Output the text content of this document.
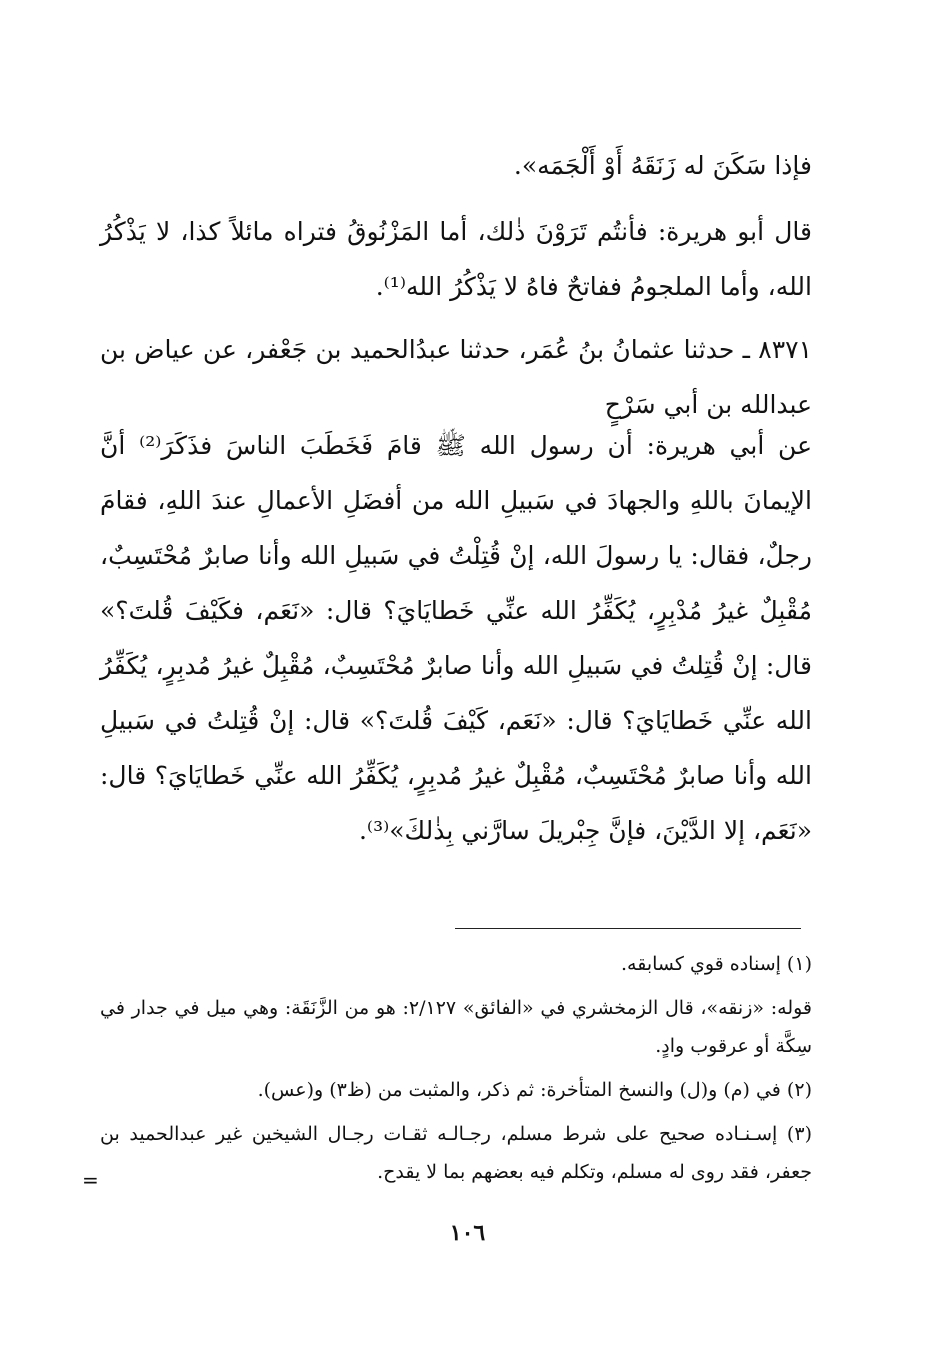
فإذا سَكَنَ له زَنَقَهُ أَوْ أَلْجَمَه».

قال أبو هريرة: فأنتُم تَرَوْنَ ذٰلك، أما المَزْنُوقُ فتراه مائلاً كذا، لا يَذْكُرُ الله، وأما الملجومُ ففاتحٌ فاهُ لا يَذْكُرُ الله⁽¹⁾.

٨٣٧١ ـ حدثنا عثمانُ بنُ عُمَر، حدثنا عبدُالحميد بن جَعْفر، عن عياض بن عبدالله بن أبي سَرْحٍ

عن أبي هريرة: أن رسول الله ﷺ قامَ فَخَطَبَ الناسَ فذَكَرَ⁽²⁾ أنَّ الإيمانَ باللهِ والجهادَ في سَبيلِ الله من أفضَلِ الأعمالِ عندَ اللهِ، فقامَ رجلٌ، فقال: يا رسولَ الله، إنْ قُتِلْتُ في سَبيلِ الله وأنا صابرٌ مُحْتَسِبٌ، مُقْبِلٌ غيرُ مُدْبِرٍ، يُكَفِّرُ الله عنِّي خَطايَايَ؟ قال: «نَعَم، فكَيْفَ قُلتَ؟» قال: إنْ قُتِلتُ في سَبيلِ الله وأنا صابرٌ مُحْتَسِبٌ، مُقْبِلٌ غيرُ مُدبِرٍ، يُكَفِّرُ الله عنِّي خَطايَايَ؟ قال: «نَعَم، كَيْفَ قُلتَ؟» قال: إنْ قُتِلتُ في سَبيلِ الله وأنا صابرٌ مُحْتَسِبٌ، مُقْبِلٌ غيرُ مُدبِرٍ، يُكَفِّرُ الله عنِّي خَطايَايَ؟ قال: «نَعَم، إلا الدَّيْنَ، فإنَّ جِبْريلَ سارَّني بِذٰلكَ»⁽³⁾.

(١) إسناده قوي كسابقه.

قوله: «زنقه»، قال الزمخشري في «الفائق» ٢/١٢٧: هو من الزَّنَقَة: وهي ميل في جدار في سِكَّة أو عرقوب وادٍ.

(٢) في (م) و(ل) والنسخ المتأخرة: ثم ذكر، والمثبت من (ظ٣) و(عس).

(٣) إسـنـاده صحيح على شرط مسلم، رجـالـه ثقـات رجـال الشيخين غير عبدالحميد بن جعفر، فقد روى له مسلم، وتكلم فيه بعضهم بما لا يقدح.

=
١٠٦
